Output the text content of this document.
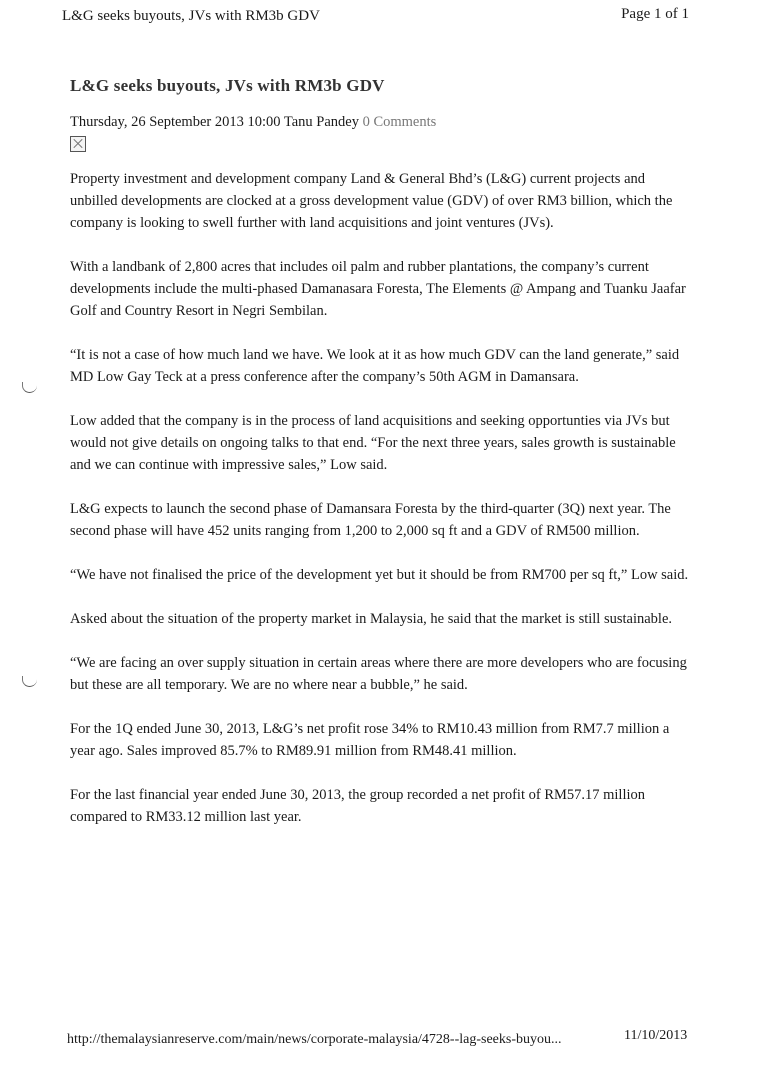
L&G seeks buyouts, JVs with RM3b GDV	Page 1 of 1
L&G seeks buyouts, JVs with RM3b GDV

Thursday, 26 September 2013 10:00 Tanu Pandey 0 Comments

Property investment and development company Land & General Bhd’s (L&G) current projects and unbilled developments are clocked at a gross development value (GDV) of over RM3 billion, which the company is looking to swell further with land acquisitions and joint ventures (JVs).

With a landbank of 2,800 acres that includes oil palm and rubber plantations, the company’s current developments include the multi-phased Damanasara Foresta, The Elements @ Ampang and Tuanku Jaafar Golf and Country Resort in Negri Sembilan.

“It is not a case of how much land we have. We look at it as how much GDV can the land generate,” said MD Low Gay Teck at a press conference after the company’s 50th AGM in Damansara.

Low added that the company is in the process of land acquisitions and seeking opportunties via JVs but would not give details on ongoing talks to that end. “For the next three years, sales growth is sustainable and we can continue with impressive sales,” Low said.

L&G expects to launch the second phase of Damansara Foresta by the third-quarter (3Q) next year. The second phase will have 452 units ranging from 1,200 to 2,000 sq ft and a GDV of RM500 million.

“We have not finalised the price of the development yet but it should be from RM700 per sq ft,” Low said.

Asked about the situation of the property market in Malaysia, he said that the market is still sustainable.

“We are facing an over supply situation in certain areas where there are more developers who are focusing but these are all temporary. We are no where near a bubble,” he said.

For the 1Q ended June 30, 2013, L&G’s net profit rose 34% to RM10.43 million from RM7.7 million a year ago. Sales improved 85.7% to RM89.91 million from RM48.41 million.

For the last financial year ended June 30, 2013, the group recorded a net profit of RM57.17 million compared to RM33.12 million last year.

http://themalaysianreserve.com/main/news/corporate-malaysia/4728--lag-seeks-buyou...	11/10/2013
